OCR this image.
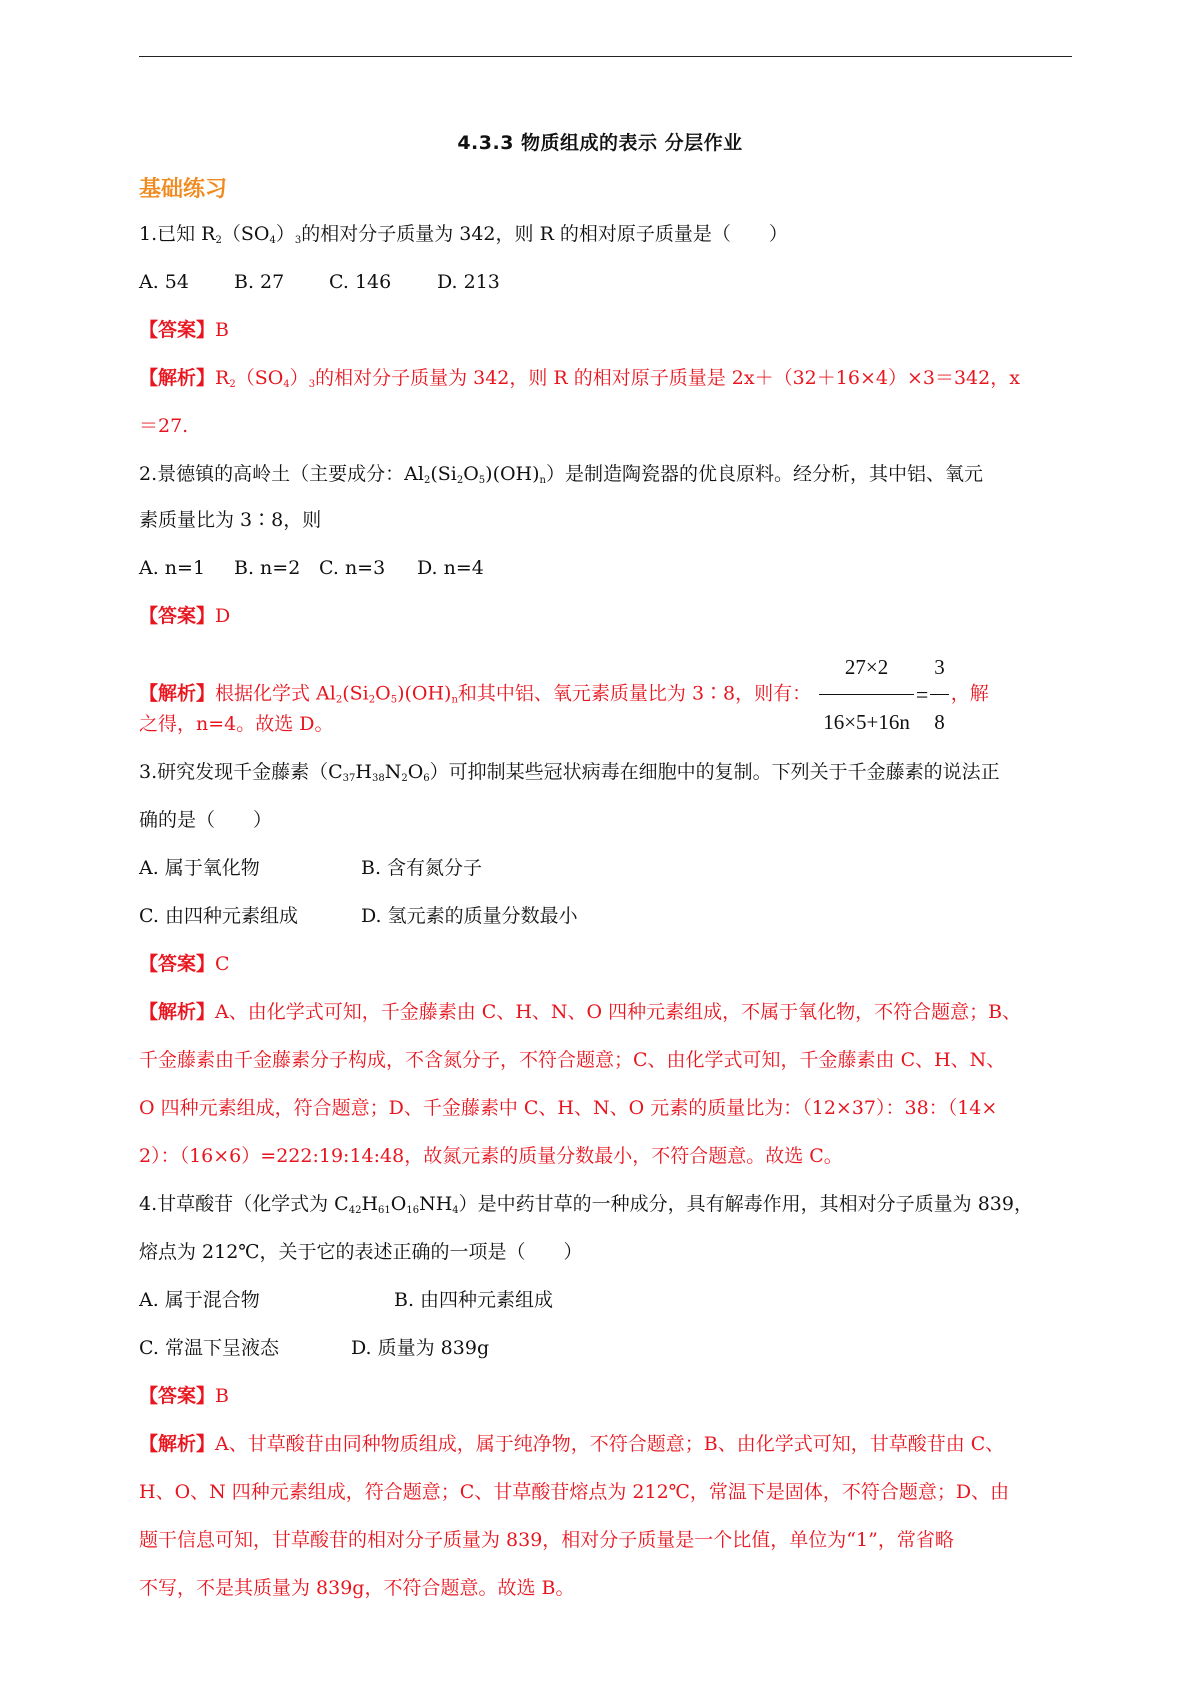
4.3.3 物质组成的表示 分层作业
基础练习
1.已知 $R_2(SO_4)_3$的相对分子质量为 342，则 R 的相对原子质量是（　　）
A. 54 B. 27 C. 146 D. 213
【答案】B
【解析】$R_2(SO_4)_3$的相对分子质量为 342，则 R 的相对原子质量是 2x＋（32＋16×4）×3＝342，x
＝27.
2.景德镇的高岭土（主要成分：$Al_2(Si_2O_5)(OH)_n$）是制造陶瓷器的优良原料。经分析，其中铝、氧元
素质量比为 3∶8，则
A. n=1 B. n=2 C. n=3 D. n=4
【答案】D
【解析】根据化学式 $Al_2(Si_2O_5)(OH)_n$和其中铝、氧元素质量比为 3∶8，则有： $\frac{27\times 2}{16\times 5+16n} = \frac{3}{8}$ ，解
之得，n=4。故选 D。
3.研究发现千金藤素$(C_{37}H_{38}N_2O_6)$可抑制某些冠状病毒在细胞中的复制。下列关于千金藤素的说法正
确的是（　　）
A. 属于氧化物	B. 含有氮分子
C. 由四种元素组成	D. 氢元素的质量分数最小
【答案】C
【解析】A、由化学式可知，千金藤素由 C、H、N、O 四种元素组成，不属于氧化物，不符合题意；B、
千金藤素由千金藤素分子构成，不含氮分子，不符合题意；C、由化学式可知，千金藤素由 C、H、N、
O 四种元素组成，符合题意；D、千金藤素中 C、H、N、O 元素的质量比为：（12×37）：38：（14×
2）：（16×6）=222:19:14:48，故氮元素的质量分数最小，不符合题意。故选 C。
4.甘草酸苷（化学式为 $C_{42}H_{61}O_{16}NH_4$）是中药甘草的一种成分，具有解毒作用，其相对分子质量为 839，
熔点为 212℃，关于它的表述正确的一项是（　　）
A. 属于混合物	B. 由四种元素组成
C. 常温下呈液态	D. 质量为 839g
【答案】B
【解析】A、甘草酸苷由同种物质组成，属于纯净物，不符合题意；B、由化学式可知，甘草酸苷由 C、
H、O、N 四种元素组成，符合题意；C、甘草酸苷熔点为 212℃，常温下是固体，不符合题意；D、由
题干信息可知，甘草酸苷的相对分子质量为 839，相对分子质量是一个比值，单位为“1”，常省略
不写，不是其质量为 839g，不符合题意。故选 B。
